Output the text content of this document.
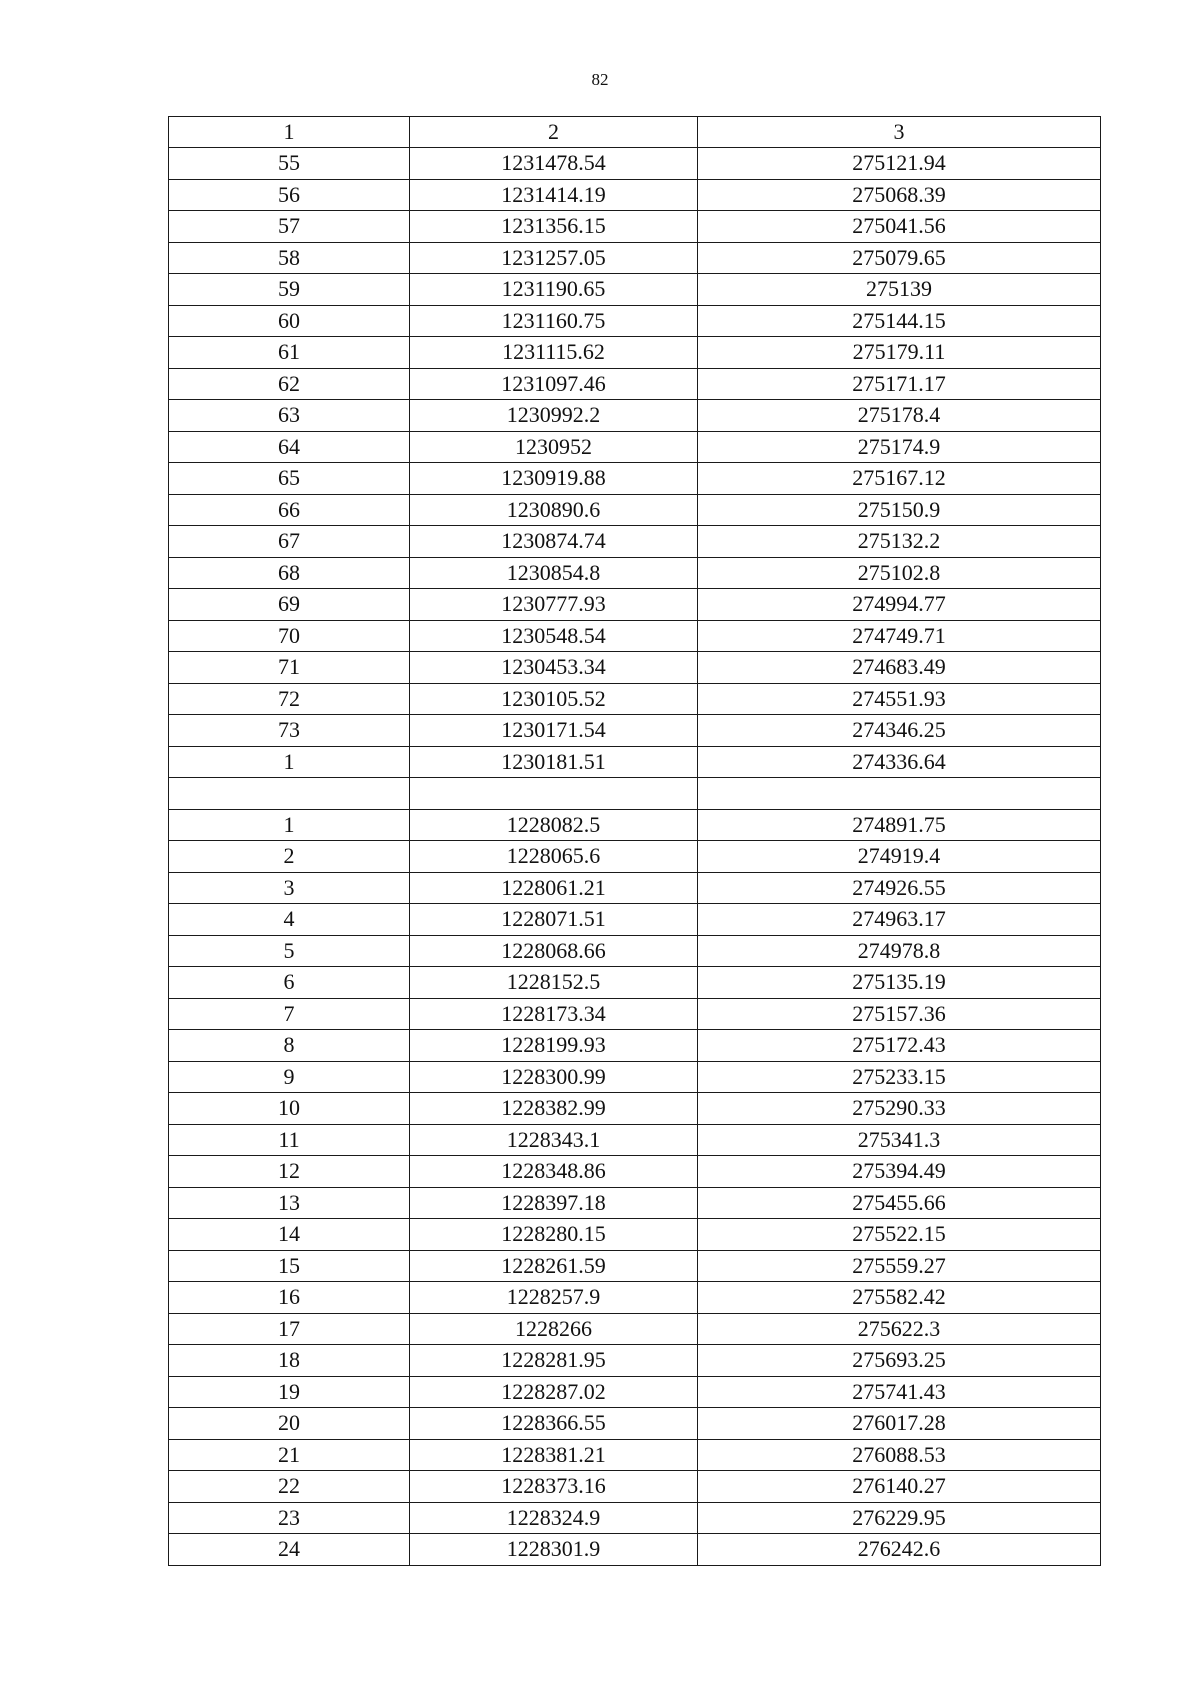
82
1	2	3
55	1231478.54	275121.94
56	1231414.19	275068.39
57	1231356.15	275041.56
58	1231257.05	275079.65
59	1231190.65	275139
60	1231160.75	275144.15
61	1231115.62	275179.11
62	1231097.46	275171.17
63	1230992.2	275178.4
64	1230952	275174.9
65	1230919.88	275167.12
66	1230890.6	275150.9
67	1230874.74	275132.2
68	1230854.8	275102.8
69	1230777.93	274994.77
70	1230548.54	274749.71
71	1230453.34	274683.49
72	1230105.52	274551.93
73	1230171.54	274346.25
1	1230181.51	274336.64

1	1228082.5	274891.75
2	1228065.6	274919.4
3	1228061.21	274926.55
4	1228071.51	274963.17
5	1228068.66	274978.8
6	1228152.5	275135.19
7	1228173.34	275157.36
8	1228199.93	275172.43
9	1228300.99	275233.15
10	1228382.99	275290.33
11	1228343.1	275341.3
12	1228348.86	275394.49
13	1228397.18	275455.66
14	1228280.15	275522.15
15	1228261.59	275559.27
16	1228257.9	275582.42
17	1228266	275622.3
18	1228281.95	275693.25
19	1228287.02	275741.43
20	1228366.55	276017.28
21	1228381.21	276088.53
22	1228373.16	276140.27
23	1228324.9	276229.95
24	1228301.9	276242.6
